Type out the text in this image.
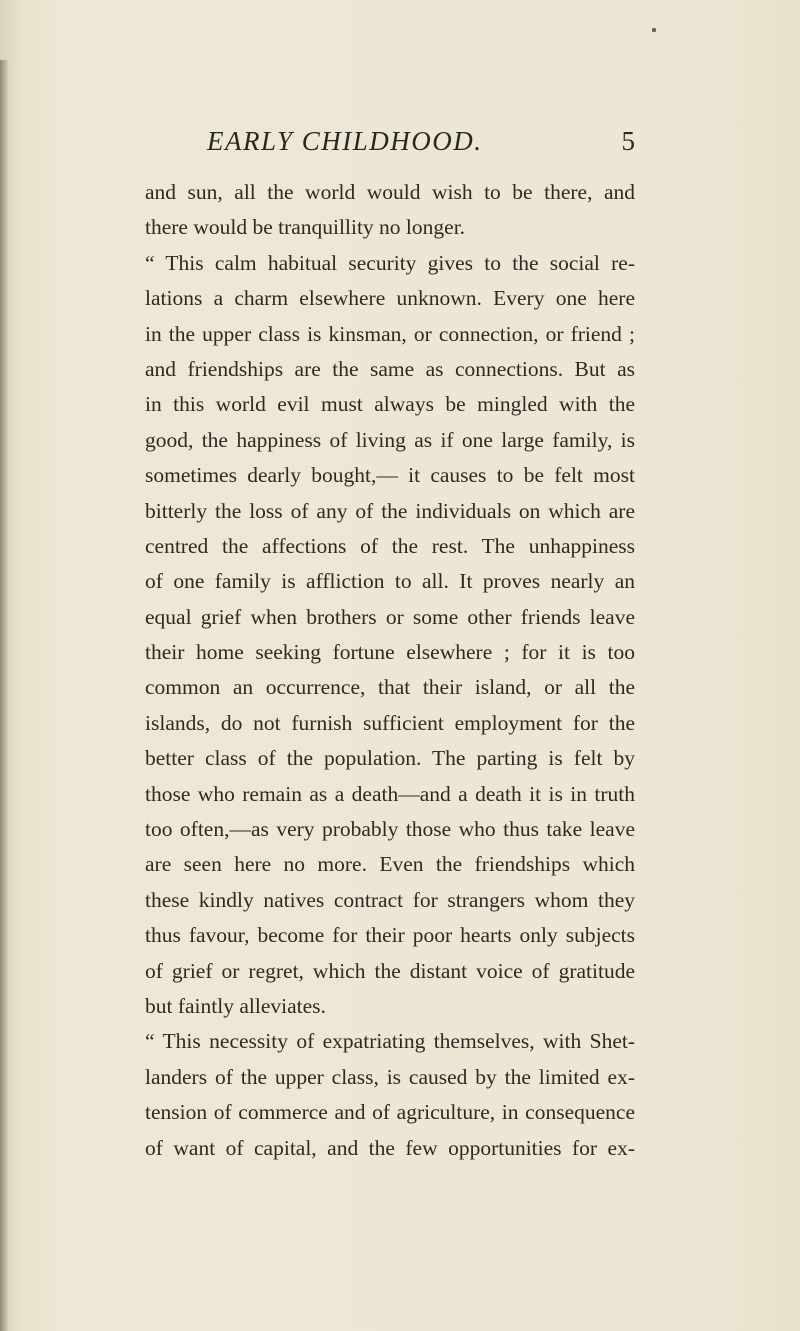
EARLY CHILDHOOD.	5
and sun, all the world would wish to be there, and
there would be tranquillity no longer.
“ This calm habitual security gives to the social re-
lations a charm elsewhere unknown. Every one here
in the upper class is kinsman, or connection, or friend ;
and friendships are the same as connections. But as
in this world evil must always be mingled with the
good, the happiness of living as if one large family, is
sometimes dearly bought,— it causes to be felt most
bitterly the loss of any of the individuals on which are
centred the affections of the rest. The unhappiness
of one family is affliction to all. It proves nearly an
equal grief when brothers or some other friends leave
their home seeking fortune elsewhere ; for it is too
common an occurrence, that their island, or all the
islands, do not furnish sufficient employment for the
better class of the population. The parting is felt by
those who remain as a death—and a death it is in truth
too often,—as very probably those who thus take leave
are seen here no more. Even the friendships which
these kindly natives contract for strangers whom they
thus favour, become for their poor hearts only subjects
of grief or regret, which the distant voice of gratitude
but faintly alleviates.
“ This necessity of expatriating themselves, with Shet-
landers of the upper class, is caused by the limited ex-
tension of commerce and of agriculture, in consequence
of want of capital, and the few opportunities for ex-
